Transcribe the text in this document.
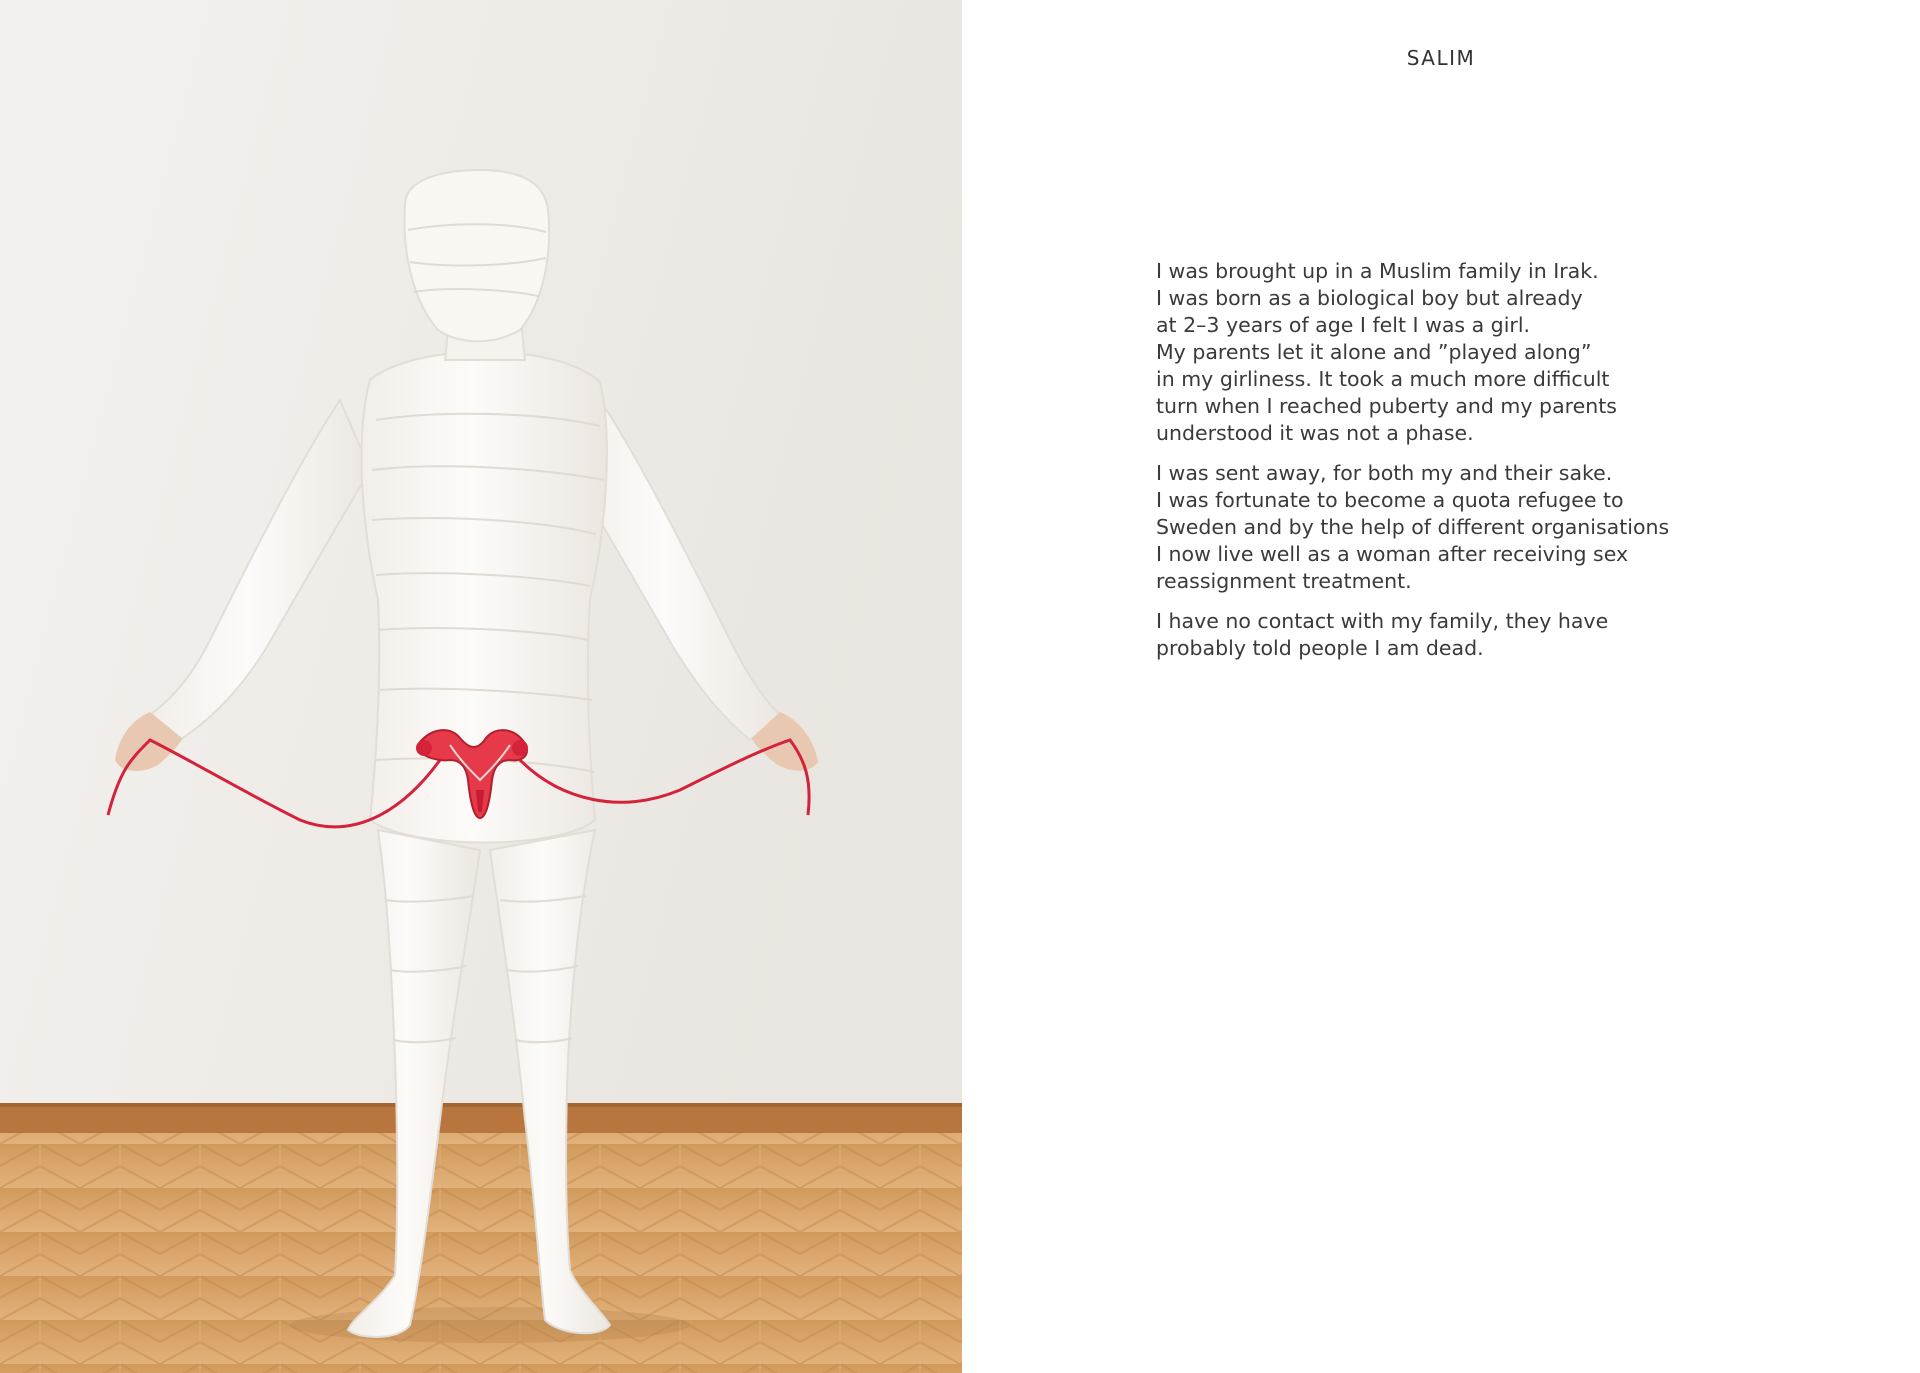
SALIM

I was brought up in a Muslim family in Irak.
I was born as a biological boy but already
at 2–3 years of age I felt I was a girl.
My parents let it alone and ”played along”
in my girliness. It took a much more difficult
turn when I reached puberty and my parents
understood it was not a phase.

I was sent away, for both my and their sake.
I was fortunate to become a quota refugee to
Sweden and by the help of different organisations
I now live well as a woman after receiving sex
reassignment treatment.

I have no contact with my family, they have
probably told people I am dead.
